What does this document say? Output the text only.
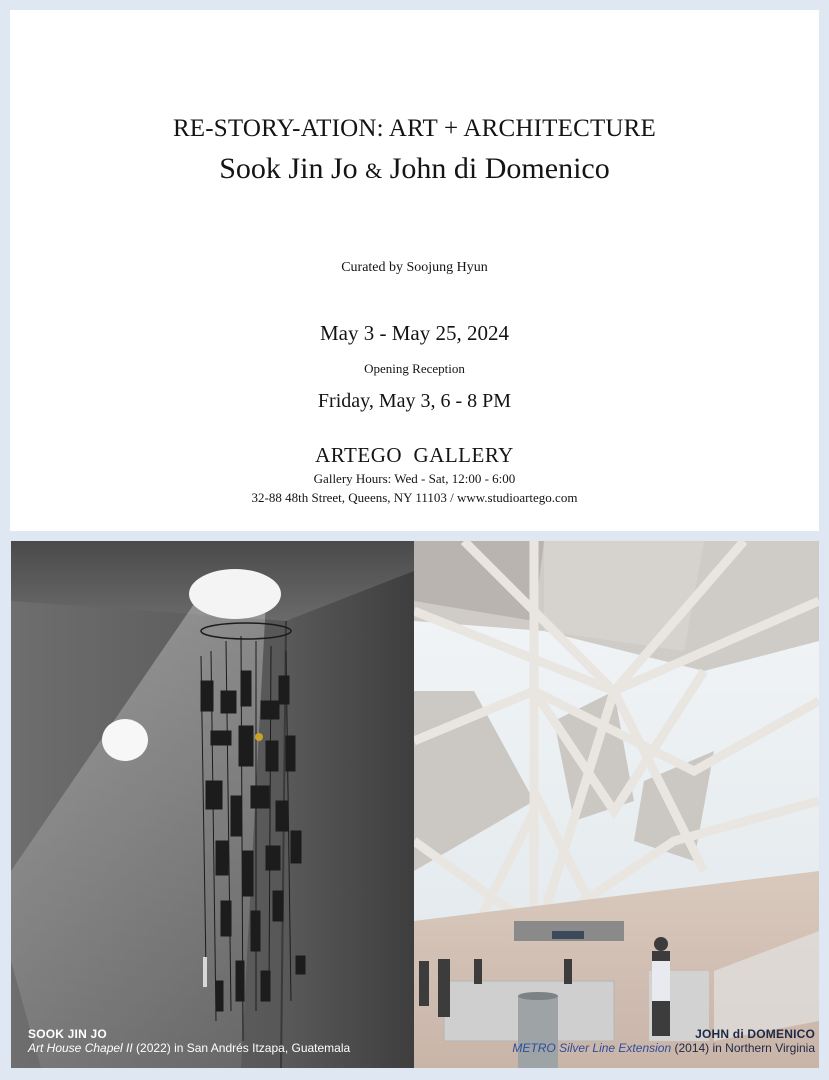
RE-STORY-ATION: ART + ARCHITECTURE
Sook Jin Jo & John di Domenico
Curated by Soojung Hyun
May 3 - May 25, 2024
Opening Reception
Friday, May 3, 6 - 8 PM
ARTEGO  GALLERY
Gallery Hours: Wed - Sat, 12:00 - 6:00
32-88 48th Street, Queens, NY 11103 / www.studioartego.com
SOOK JIN JO
Art House Chapel II (2022) in San Andrés Itzapa, Guatemala
JOHN di DOMENICO
METRO Silver Line Extension (2014) in Northern Virginia
